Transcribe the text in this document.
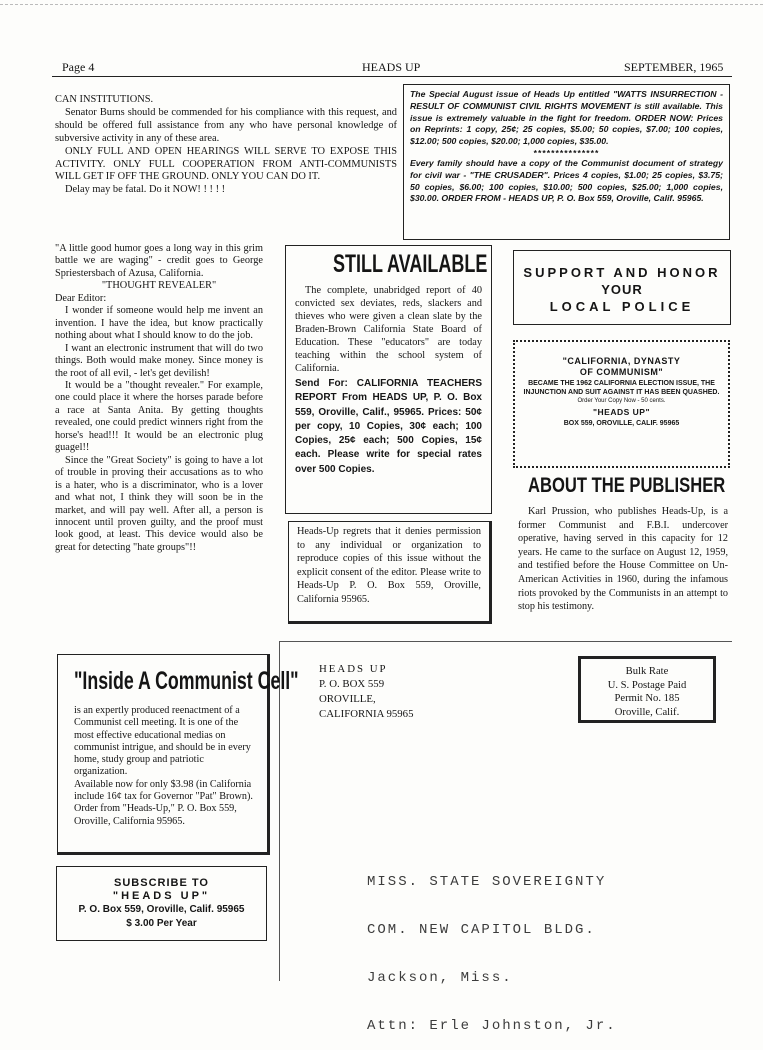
Page 4	HEADS UP	SEPTEMBER, 1965

CAN INSTITUTIONS.

Senator Burns should be commended for his compliance with this request, and should be offered full assistance from any who have personal knowledge of subversive activity in any of these area.

ONLY FULL AND OPEN HEARINGS WILL SERVE TO EXPOSE THIS ACTIVITY. ONLY FULL COOPERATION FROM ANTI-COMMUNISTS WILL GET IF OFF THE GROUND. ONLY YOU CAN DO IT.

Delay may be fatal. Do it NOW! ! ! ! !

The Special August issue of Heads Up entitled "WATTS INSURRECTION - RESULT OF COMMUNIST CIVIL RIGHTS MOVEMENT is still available. This issue is extremely valuable in the fight for freedom. ORDER NOW: Prices on Reprints: 1 copy, 25¢; 25 copies, $5.00; 50 copies, $7.00; 100 copies, $12.00; 500 copies, $20.00; 1,000 copies, $35.00.
***************
Every family should have a copy of the Communist document of strategy for civil war - "THE CRUSADER". Prices 4 copies, $1.00; 25 copies, $3.75; 50 copies, $6.00; 100 copies, $10.00; 500 copies, $25.00; 1,000 copies, $30.00. ORDER FROM - HEADS UP, P. O. Box 559, Oroville, Calif. 95965.

"A little good humor goes a long way in this grim battle we are waging" - credit goes to George Spriestersbach of Azusa, California.

"THOUGHT REVEALER"

Dear Editor:

I wonder if someone would help me invent an invention. I have the idea, but know practically nothing about what I should know to do the job.

I want an electronic instrument that will do two things. Both would make money. Since money is the root of all evil, - let's get devilish!

It would be a "thought revealer." For example, one could place it where the horses parade before a race at Santa Anita. By getting thoughts revealed, one could predict winners right from the horse's head!!! It would be an electronic plug guagel!!

Since the "Great Society" is going to have a lot of trouble in proving their accusations as to who is a hater, who is a discriminator, who is a lover and what not, I think they will soon be in the market, and will pay well. After all, a person is innocent until proven guilty, and the proof must look good, at least. This device would also be great for detecting "hate groups"!!

STILL AVAILABLE
The complete, unabridged report of 40 convicted sex deviates, reds, slackers and thieves who were given a clean slate by the Braden-Brown California State Board of Education. These "educators" are today teaching within the school system of California.
Send For: CALIFORNIA TEACHERS REPORT From HEADS UP, P. O. Box 559, Oroville, Calif., 95965. Prices: 50¢ per copy, 10 Copies, 30¢ each; 100 Copies, 25¢ each; 500 Copies, 15¢ each. Please write for special rates over 500 Copies.
Heads-Up regrets that it denies permission to any individual or organization to reproduce copies of this issue without the explicit consent of the editor. Please write to Heads-Up P. O. Box 559, Oroville, California 95965.
SUPPORT AND HONOR
YOUR
LOCAL POLICE
"CALIFORNIA, DYNASTY
OF COMMUNISM"
BECAME THE 1962 CALIFORNIA ELECTION ISSUE, THE INJUNCTION AND SUIT AGAINST IT HAS BEEN QUASHED.
Order Your Copy Now - 50 cents.
"HEADS UP"
BOX 559, OROVILLE, CALIF. 95965
ABOUT THE PUBLISHER
Karl Prussion, who publishes Heads-Up, is a former Communist and F.B.I. undercover operative, having served in this capacity for 12 years. He came to the surface on August 12, 1959, and testified before the House Committee on Un-American Activities in 1960, during the infamous riots provoked by the Communists in an attempt to stop his testimony.
"Inside A Communist Cell"
is an expertly produced reenactment of a Communist cell meeting. It is one of the most effective educational medias on communist intrigue, and should be in every home, study group and patriotic organization.
Available now for only $3.98 (in California include 16¢ tax for Governor "Pat" Brown). Order from "Heads-Up," P. O. Box 559, Oroville, California 95965.
SUBSCRIBE TO
"HEADS UP"
P. O. Box 559, Oroville, Calif. 95965
$ 3.00 Per Year
HEADS UP
P. O. BOX 559
OROVILLE,
CALIFORNIA 95965
Bulk Rate
U. S. Postage Paid
Permit No. 185
Oroville, Calif.

MISS. STATE SOVEREIGNTY

COM. NEW CAPITOL BLDG.

Jackson, Miss.

Attn: Erle Johnston, Jr.
